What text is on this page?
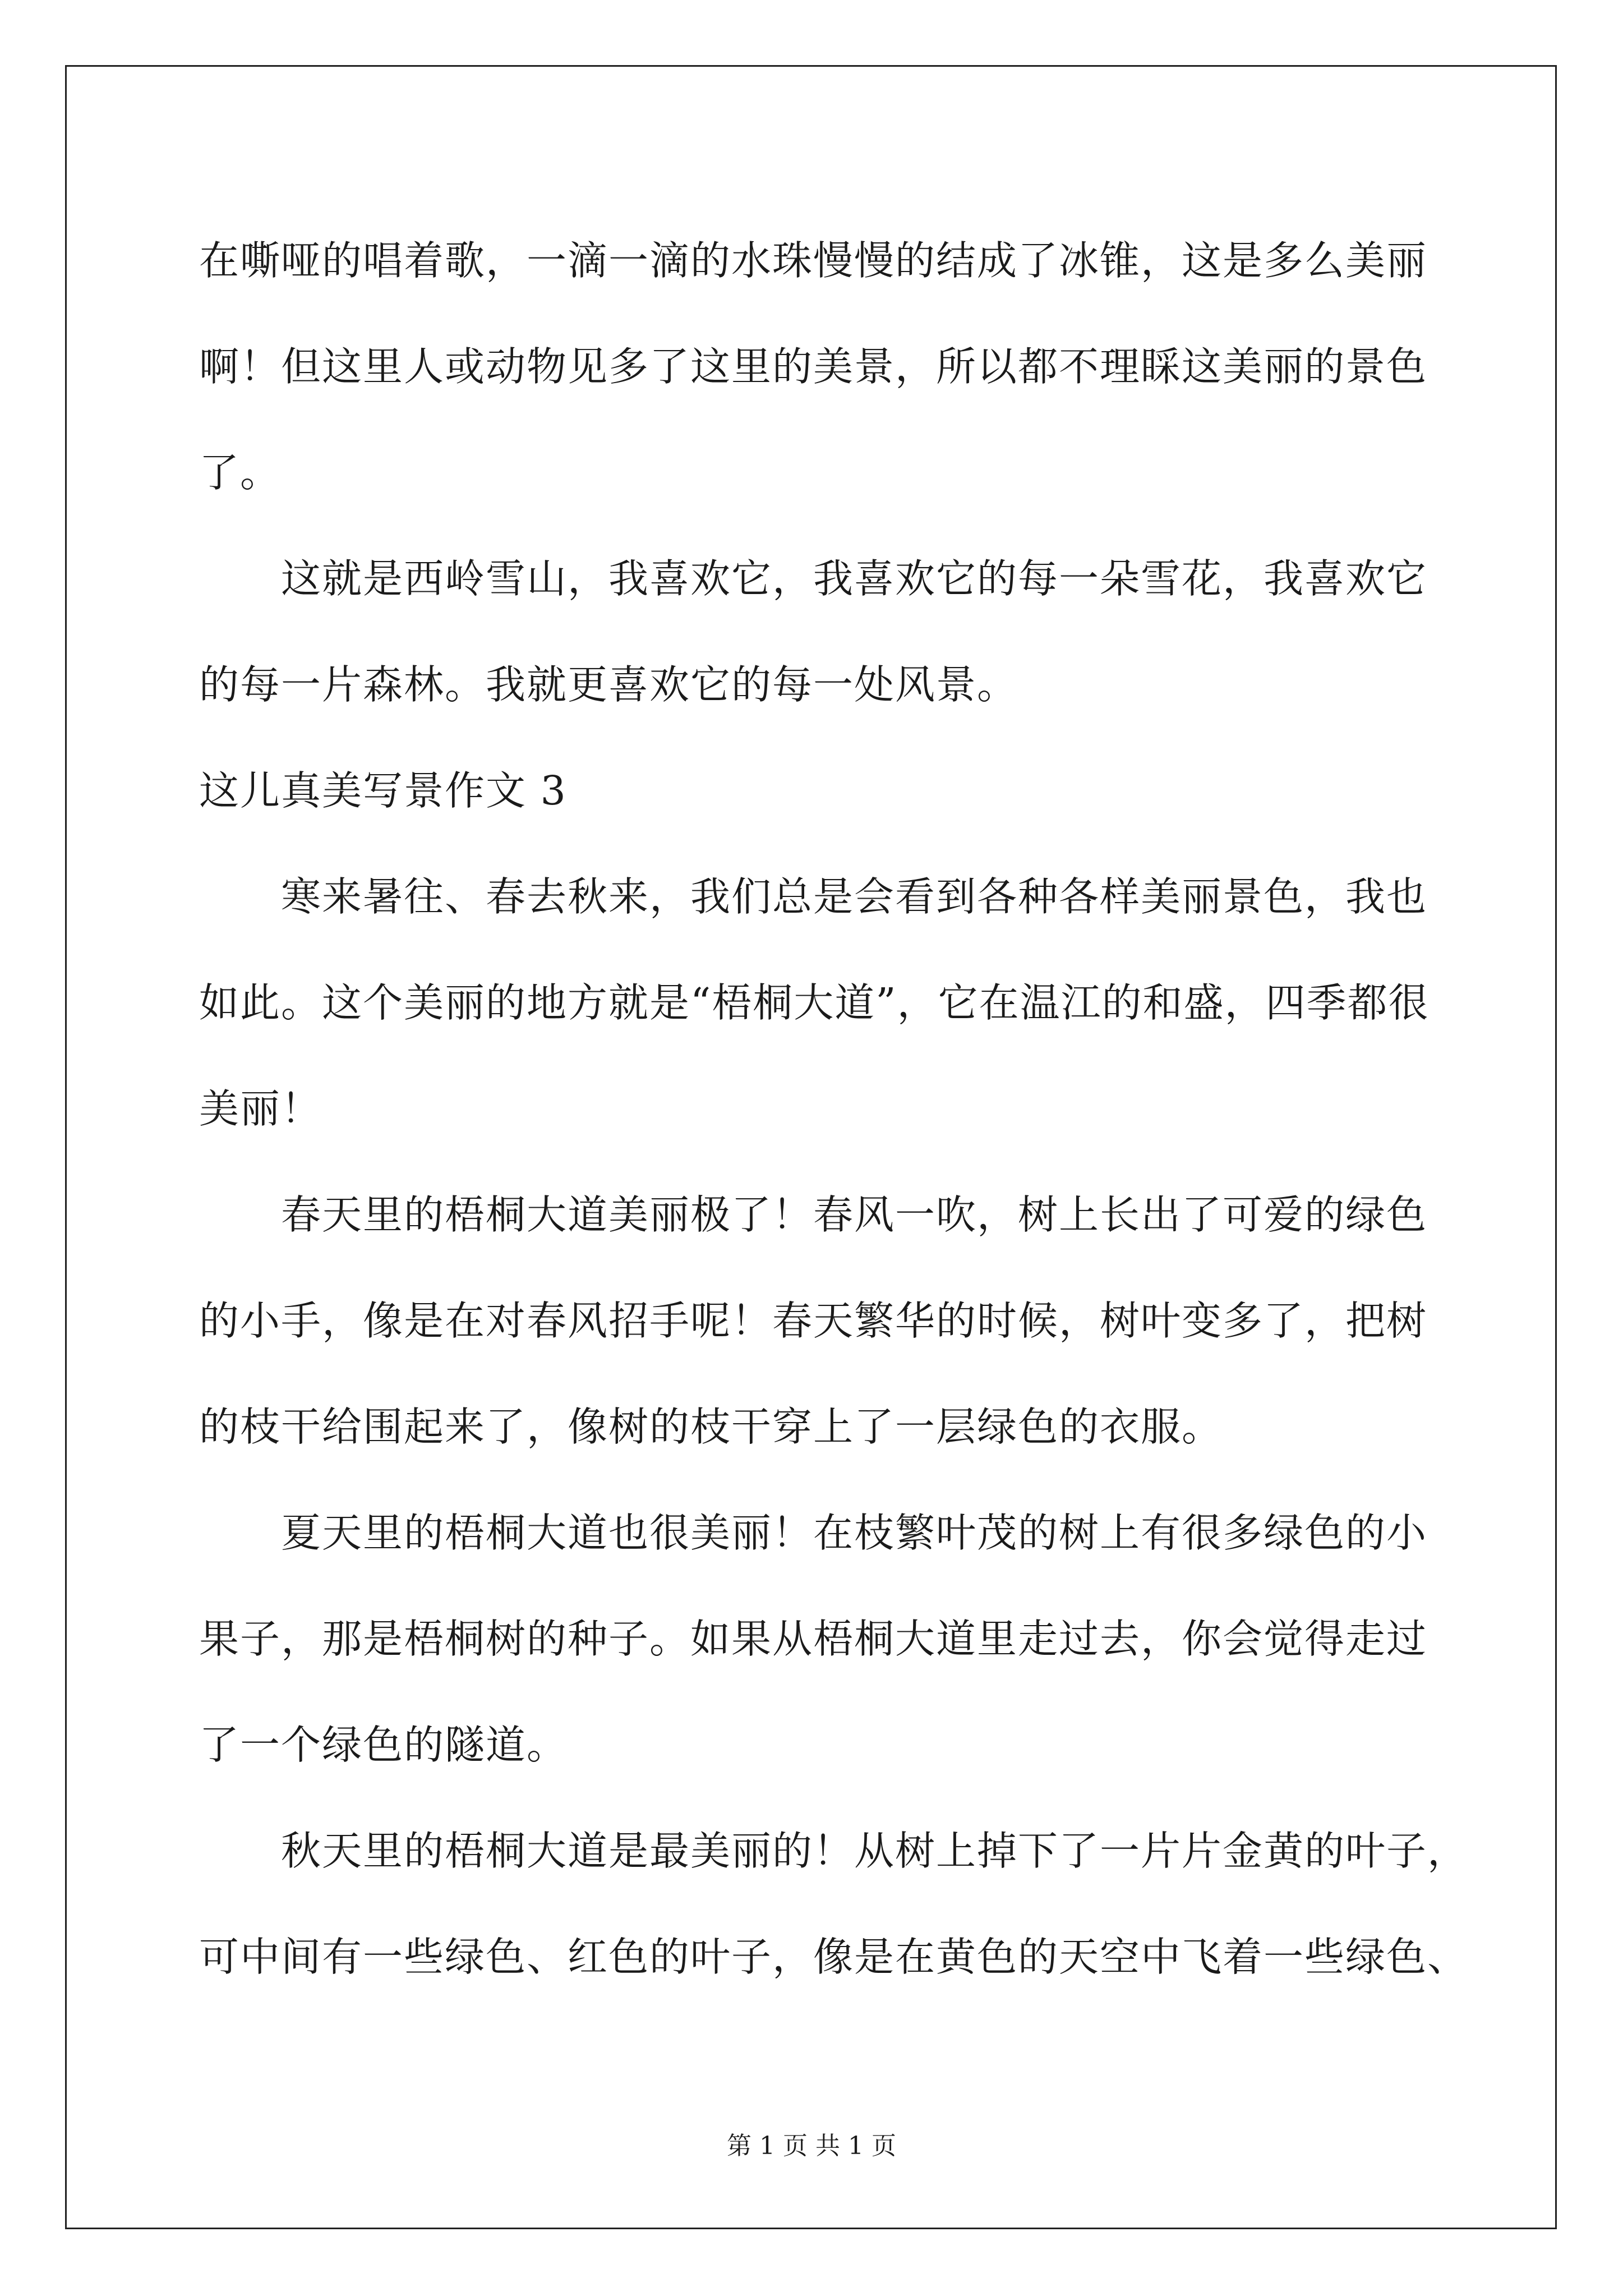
在嘶哑的唱着歌，一滴一滴的水珠慢慢的结成了冰锥，这是多么美丽
啊！但这里人或动物见多了这里的美景，所以都不理睬这美丽的景色
了。
这就是西岭雪山，我喜欢它，我喜欢它的每一朵雪花，我喜欢它
的每一片森林。我就更喜欢它的每一处风景。
这儿真美写景作文 3
寒来暑往、春去秋来，我们总是会看到各种各样美丽景色，我也
如此。这个美丽的地方就是“梧桐大道”，它在温江的和盛，四季都很
美丽！
春天里的梧桐大道美丽极了！春风一吹，树上长出了可爱的绿色
的小手，像是在对春风招手呢！春天繁华的时候，树叶变多了，把树
的枝干给围起来了，像树的枝干穿上了一层绿色的衣服。
夏天里的梧桐大道也很美丽！在枝繁叶茂的树上有很多绿色的小
果子，那是梧桐树的种子。如果从梧桐大道里走过去，你会觉得走过
了一个绿色的隧道。
秋天里的梧桐大道是最美丽的！从树上掉下了一片片金黄的叶子，
可中间有一些绿色、红色的叶子，像是在黄色的天空中飞着一些绿色、
第 1 页 共 1 页
